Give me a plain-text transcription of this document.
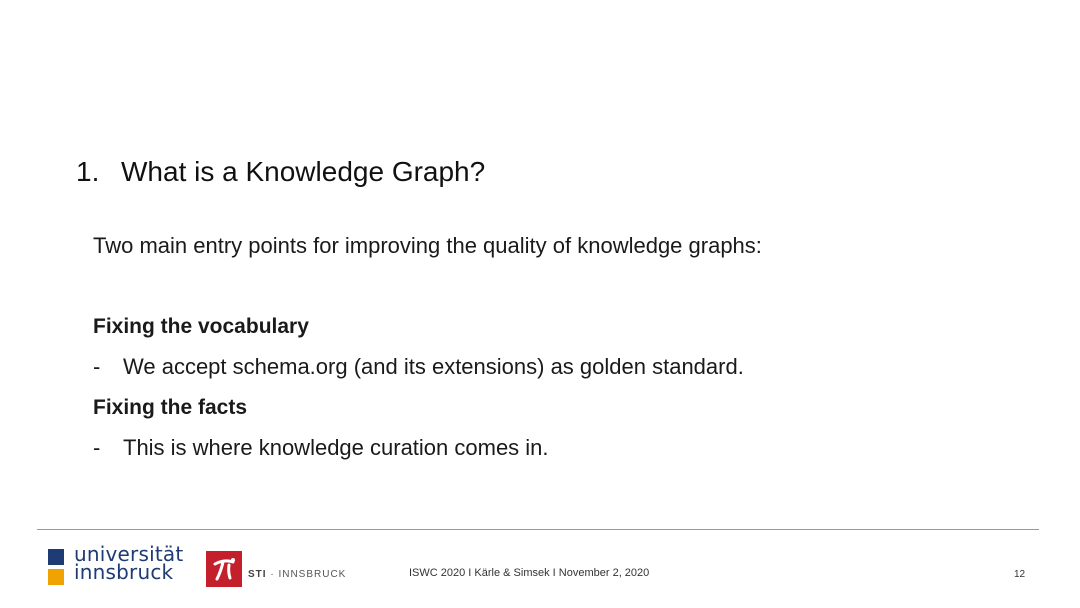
1. What is a Knowledge Graph?
Two main entry points for improving the quality of knowledge graphs:
Fixing the vocabulary
- We accept schema.org (and its extensions) as golden standard.
Fixing the facts
- This is where knowledge curation comes in.
universität
innsbruck	STI · INNSBRUCK	ISWC 2020 I Kärle & Simsek I November 2, 2020	12
